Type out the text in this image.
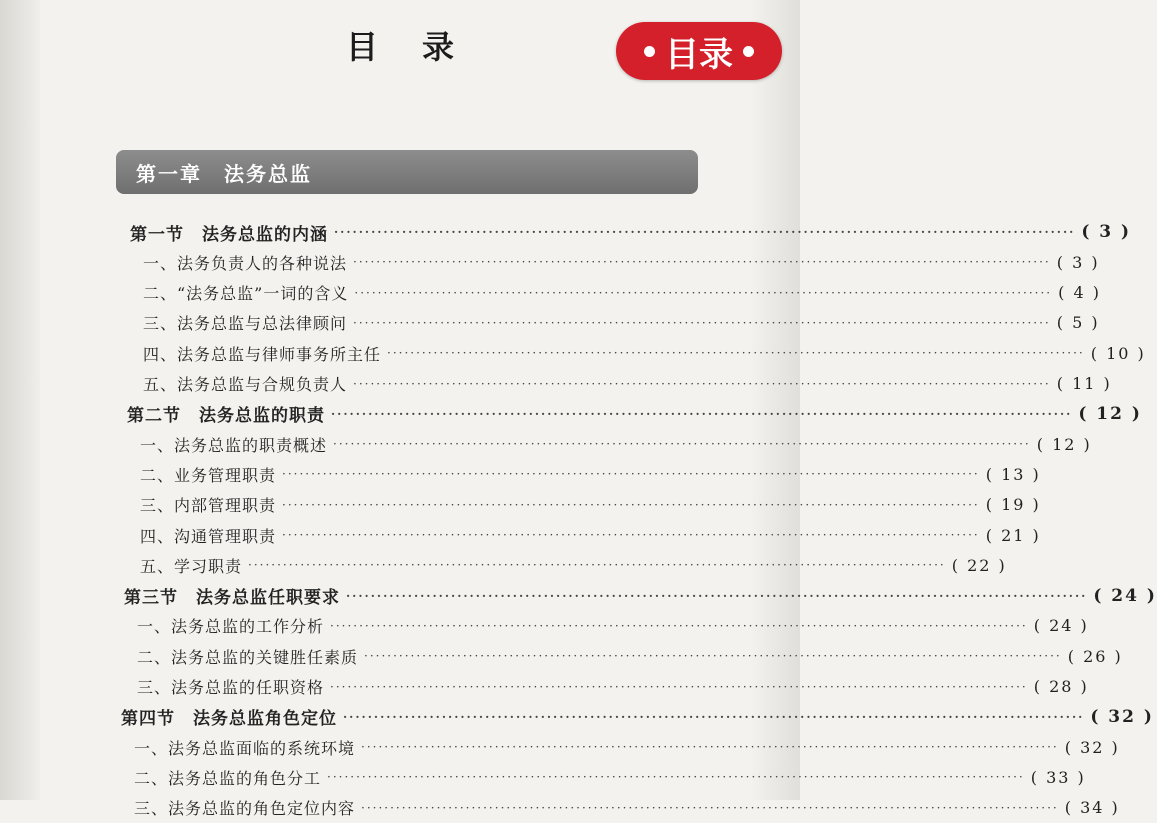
目录	目录
第一章　法务总监
第一节　法务总监的内涵 ························································································································ ( 3 )
一、法务负责人的各种说法 ························································································································ ( 3 )
二、“法务总监”一词的含义 ························································································································ ( 4 )
三、法务总监与总法律顾问 ························································································································ ( 5 )
四、法务总监与律师事务所主任 ························································································································ ( 10 )
五、法务总监与合规负责人 ························································································································ ( 11 )
第二节　法务总监的职责 ························································································································ ( 12 )
一、法务总监的职责概述 ························································································································ ( 12 )
二、业务管理职责 ························································································································ ( 13 )
三、内部管理职责 ························································································································ ( 19 )
四、沟通管理职责 ························································································································ ( 21 )
五、学习职责 ························································································································ ( 22 )
第三节　法务总监任职要求 ························································································································ ( 24 )
一、法务总监的工作分析 ························································································································ ( 24 )
二、法务总监的关键胜任素质 ························································································································ ( 26 )
三、法务总监的任职资格 ························································································································ ( 28 )
第四节　法务总监角色定位 ························································································································ ( 32 )
一、法务总监面临的系统环境 ························································································································ ( 32 )
二、法务总监的角色分工 ························································································································ ( 33 )
三、法务总监的角色定位内容 ························································································································ ( 34 )
